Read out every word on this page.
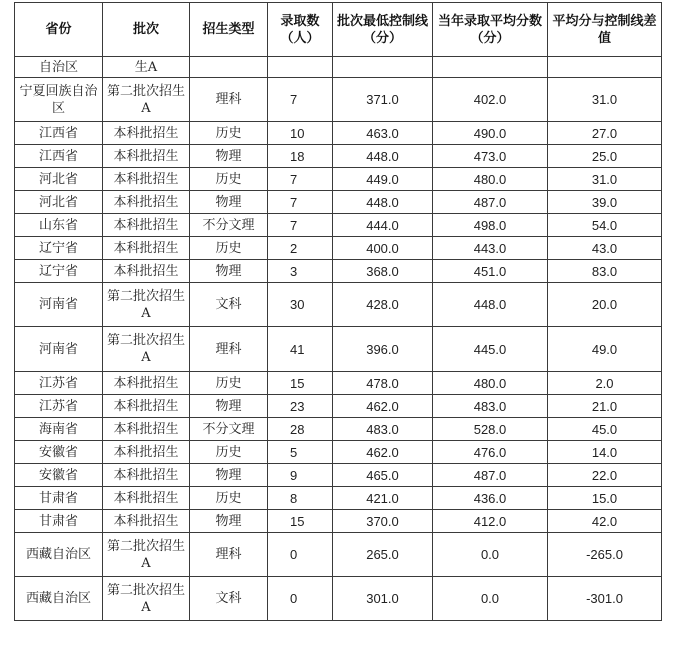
省份	批次	招生类型	录取数（人）	批次最低控制线（分）	当年录取平均分数（分）	平均分与控制线差值
自治区	生A					
宁夏回族自治区	第二批次招生A	理科	7	371.0	402.0	31.0
江西省	本科批招生	历史	10	463.0	490.0	27.0
江西省	本科批招生	物理	18	448.0	473.0	25.0
河北省	本科批招生	历史	7	449.0	480.0	31.0
河北省	本科批招生	物理	7	448.0	487.0	39.0
山东省	本科批招生	不分文理	7	444.0	498.0	54.0
辽宁省	本科批招生	历史	2	400.0	443.0	43.0
辽宁省	本科批招生	物理	3	368.0	451.0	83.0
河南省	第二批次招生A	文科	30	428.0	448.0	20.0
河南省	第二批次招生A	理科	41	396.0	445.0	49.0
江苏省	本科批招生	历史	15	478.0	480.0	2.0
江苏省	本科批招生	物理	23	462.0	483.0	21.0
海南省	本科批招生	不分文理	28	483.0	528.0	45.0
安徽省	本科批招生	历史	5	462.0	476.0	14.0
安徽省	本科批招生	物理	9	465.0	487.0	22.0
甘肃省	本科批招生	历史	8	421.0	436.0	15.0
甘肃省	本科批招生	物理	15	370.0	412.0	42.0
西藏自治区	第二批次招生A	理科	0	265.0	0.0	-265.0
西藏自治区	第二批次招生A	文科	0	301.0	0.0	-301.0
